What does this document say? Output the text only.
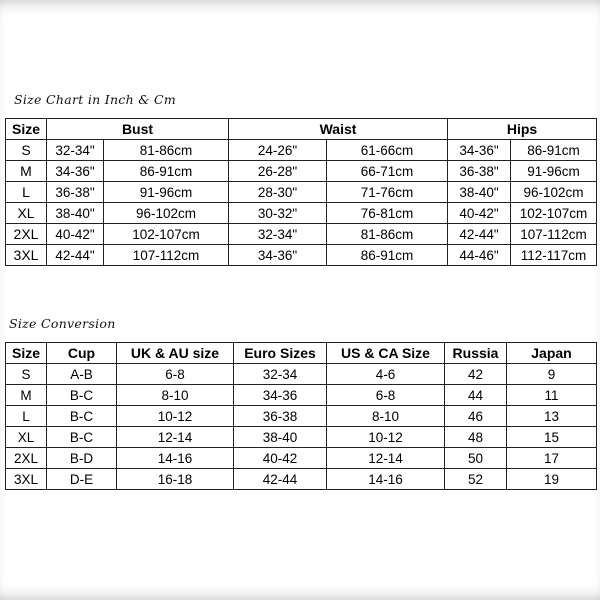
Size Chart in Inch & Cm
Size	Bust		Waist		Hips	
S	32-34"	81-86cm	24-26"	61-66cm	34-36"	86-91cm
M	34-36"	86-91cm	26-28"	66-71cm	36-38"	91-96cm
L	36-38"	91-96cm	28-30"	71-76cm	38-40"	96-102cm
XL	38-40"	96-102cm	30-32"	76-81cm	40-42"	102-107cm
2XL	40-42"	102-107cm	32-34"	81-86cm	42-44"	107-112cm
3XL	42-44"	107-112cm	34-36"	86-91cm	44-46"	112-117cm
Size Conversion
Size	Cup	UK & AU size	Euro Sizes	US & CA Size	Russia	Japan
S	A-B	6-8	32-34	4-6	42	9
M	B-C	8-10	34-36	6-8	44	11
L	B-C	10-12	36-38	8-10	46	13
XL	B-C	12-14	38-40	10-12	48	15
2XL	B-D	14-16	40-42	12-14	50	17
3XL	D-E	16-18	42-44	14-16	52	19
